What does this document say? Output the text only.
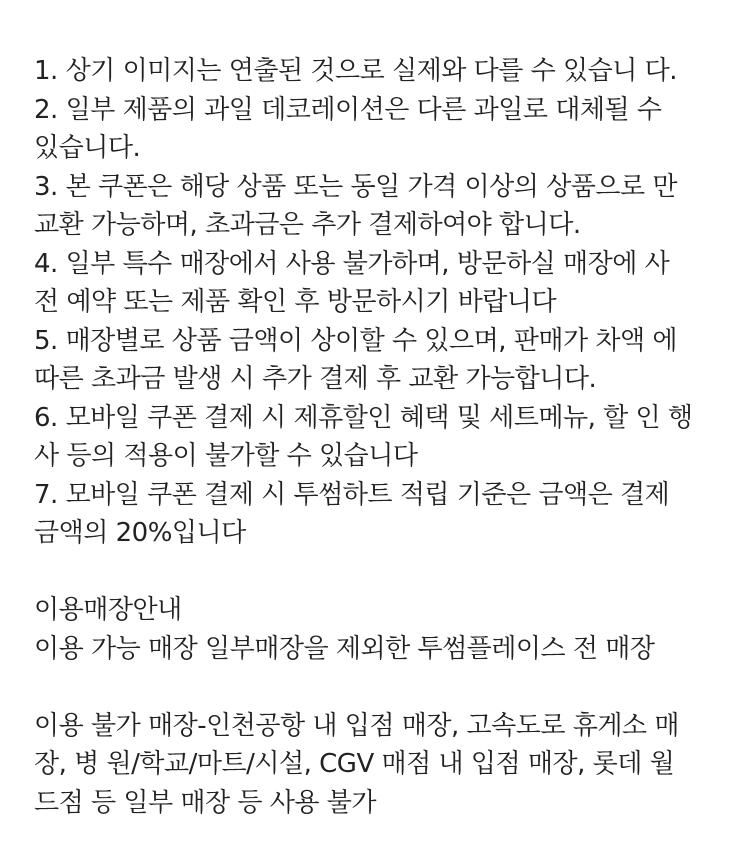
1. 상기 이미지는 연출된 것으로 실제와 다를 수 있습니 다.
2. 일부 제품의 과일 데코레이션은 다른 과일로 대체될 수
있습니다.
3. 본 쿠폰은 해당 상품 또는 동일 가격 이상의 상품으로 만
교환 가능하며, 초과금은 추가 결제하여야 합니다.
4. 일부 특수 매장에서 사용 불가하며, 방문하실 매장에 사
전 예약 또는 제품 확인 후 방문하시기 바랍니다
5. 매장별로 상품 금액이 상이할 수 있으며, 판매가 차액 에
따른 초과금 발생 시 추가 결제 후 교환 가능합니다.
6. 모바일 쿠폰 결제 시 제휴할인 혜택 및 세트메뉴, 할 인 행
사 등의 적용이 불가할 수 있습니다
7. 모바일 쿠폰 결제 시 투썸하트 적립 기준은 금액은 결제
금액의 20%입니다
이용매장안내
이용 가능 매장 일부매장을 제외한 투썸플레이스 전 매장
이용 불가 매장-인천공항 내 입점 매장, 고속도로 휴게소 매
장, 병 원/학교/마트/시설, CGV 매점 내 입점 매장, 롯데 월
드점 등 일부 매장 등 사용 불가
